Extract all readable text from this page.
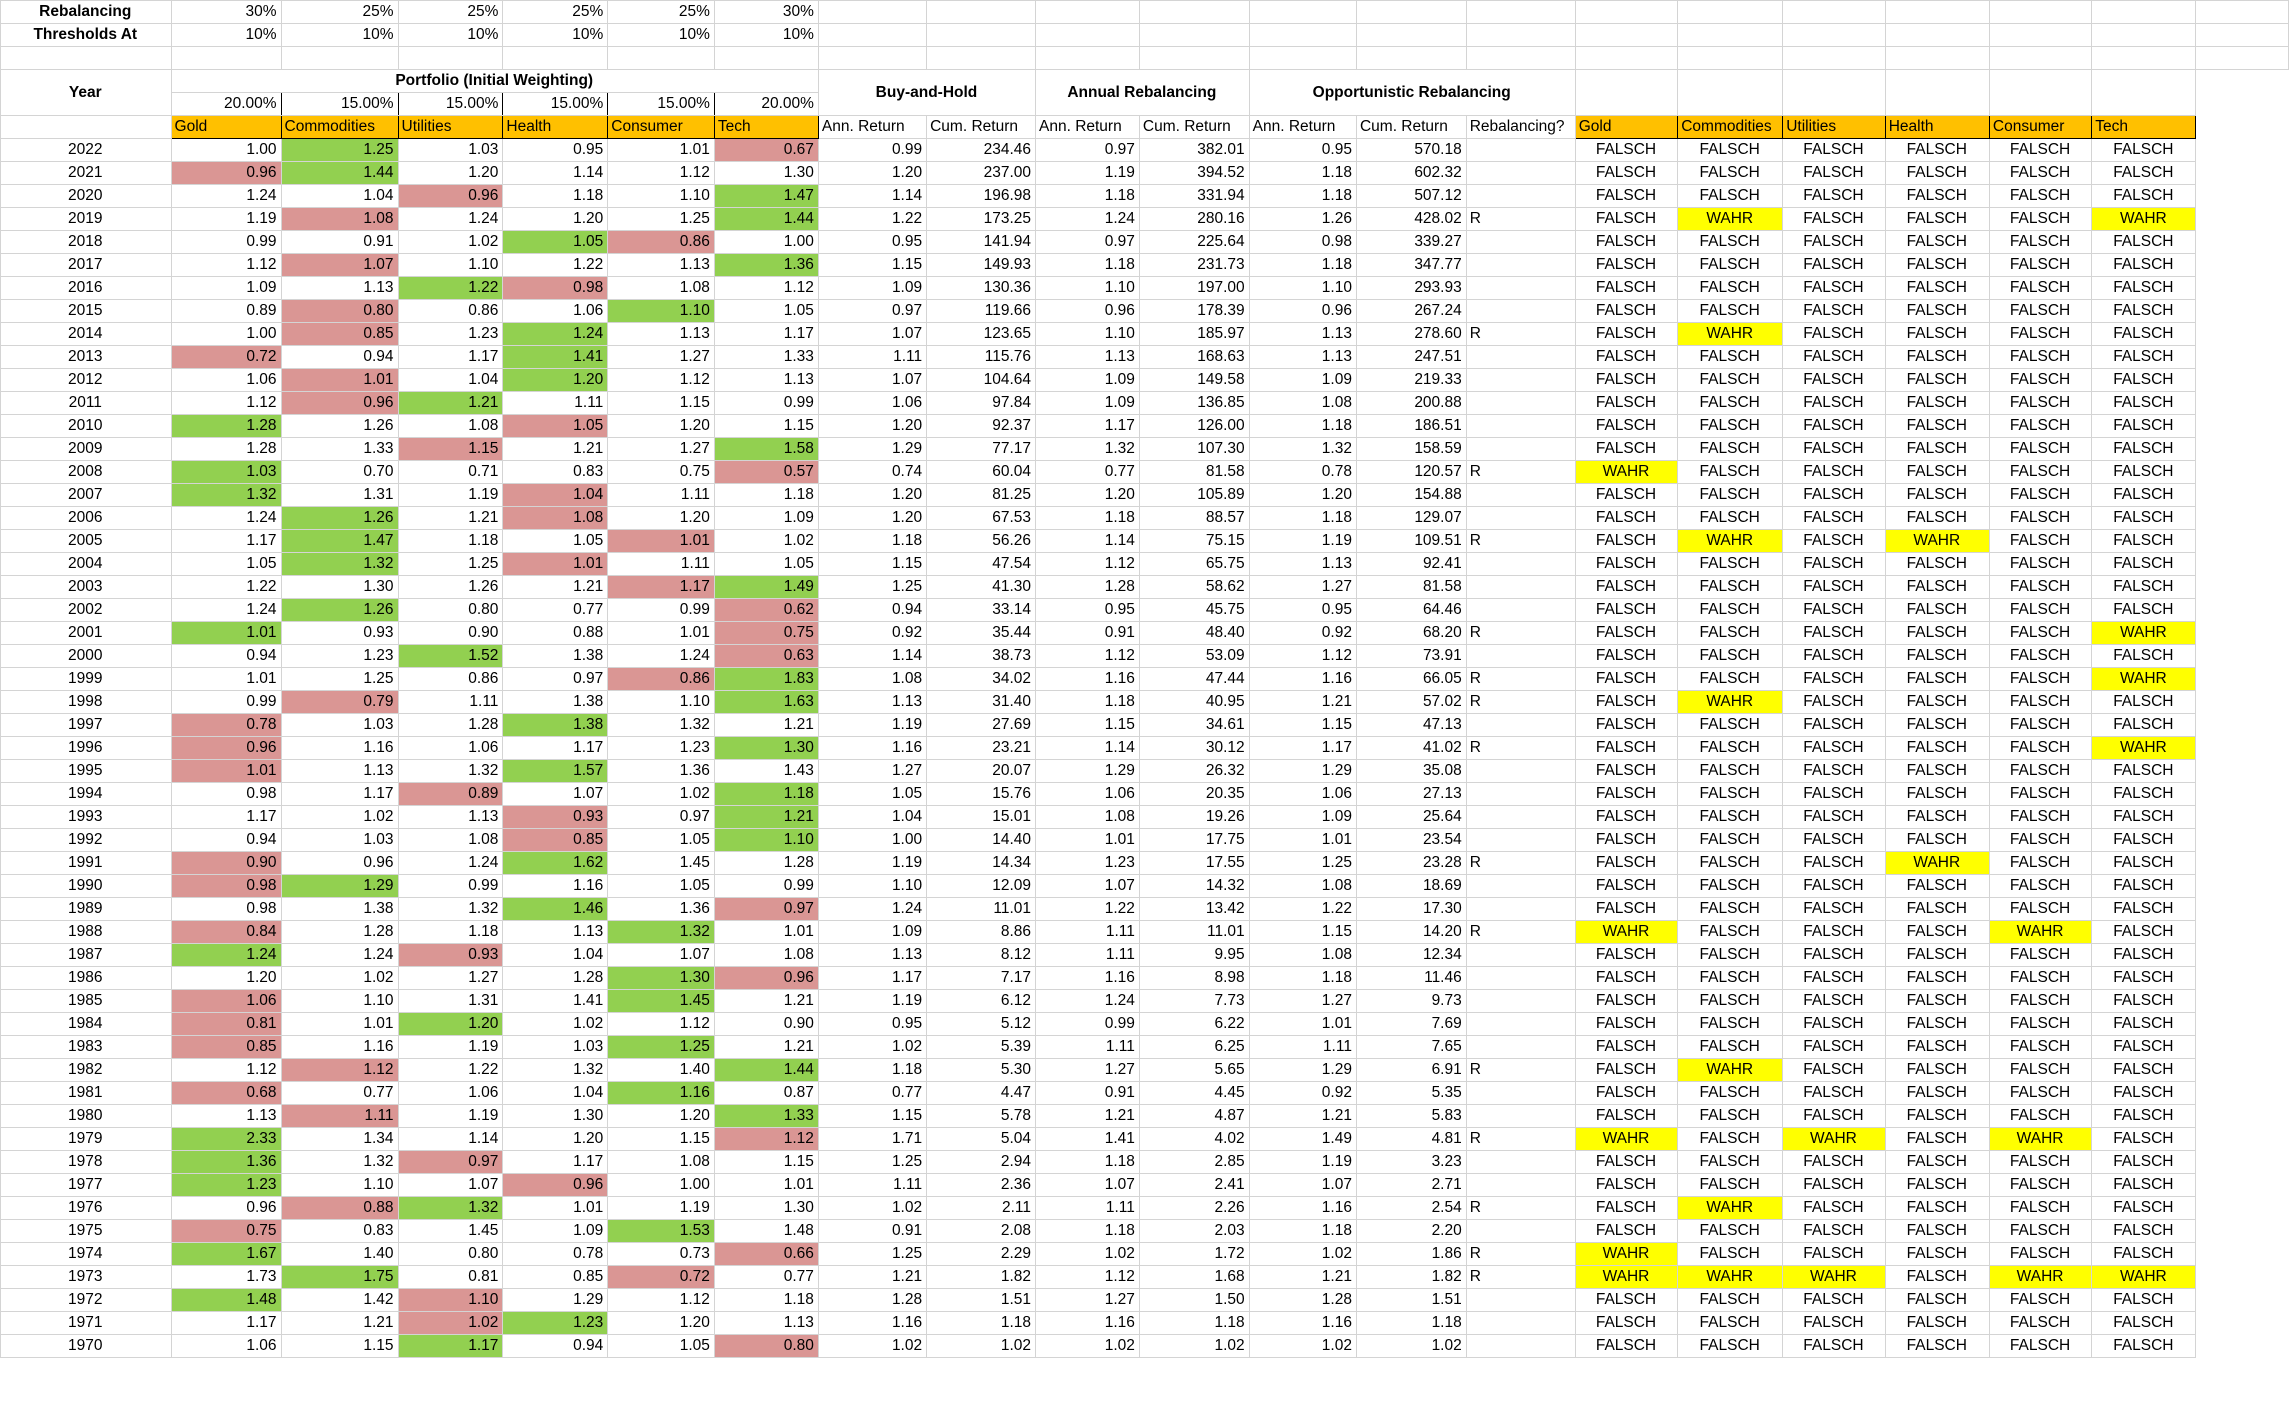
Rebalancing	30%	25%	25%	25%	25%	30%														
Thresholds At	10%	10%	10%	10%	10%	10%														

Year	Portfolio (Initial Weighting)						Buy-and-Hold		Annual Rebalancing		Opportunistic Rebalancing									
	20.00%	15.00%	15.00%	15.00%	15.00%	20.00%														
	Gold	Commodities	Utilities	Health	Consumer	Tech	Ann. Return	Cum. Return	Ann. Return	Cum. Return	Ann. Return	Cum. Return	Rebalancing?	Gold	Commodities	Utilities	Health	Consumer	Tech	
2022	1.00	1.25	1.03	0.95	1.01	0.67	0.99	234.46	0.97	382.01	0.95	570.18		FALSCH	FALSCH	FALSCH	FALSCH	FALSCH	FALSCH	
2021	0.96	1.44	1.20	1.14	1.12	1.30	1.20	237.00	1.19	394.52	1.18	602.32		FALSCH	FALSCH	FALSCH	FALSCH	FALSCH	FALSCH	
2020	1.24	1.04	0.96	1.18	1.10	1.47	1.14	196.98	1.18	331.94	1.18	507.12		FALSCH	FALSCH	FALSCH	FALSCH	FALSCH	FALSCH	
2019	1.19	1.08	1.24	1.20	1.25	1.44	1.22	173.25	1.24	280.16	1.26	428.02	R	FALSCH	WAHR	FALSCH	FALSCH	FALSCH	WAHR	
2018	0.99	0.91	1.02	1.05	0.86	1.00	0.95	141.94	0.97	225.64	0.98	339.27		FALSCH	FALSCH	FALSCH	FALSCH	FALSCH	FALSCH	
2017	1.12	1.07	1.10	1.22	1.13	1.36	1.15	149.93	1.18	231.73	1.18	347.77		FALSCH	FALSCH	FALSCH	FALSCH	FALSCH	FALSCH	
2016	1.09	1.13	1.22	0.98	1.08	1.12	1.09	130.36	1.10	197.00	1.10	293.93		FALSCH	FALSCH	FALSCH	FALSCH	FALSCH	FALSCH	
2015	0.89	0.80	0.86	1.06	1.10	1.05	0.97	119.66	0.96	178.39	0.96	267.24		FALSCH	FALSCH	FALSCH	FALSCH	FALSCH	FALSCH	
2014	1.00	0.85	1.23	1.24	1.13	1.17	1.07	123.65	1.10	185.97	1.13	278.60	R	FALSCH	WAHR	FALSCH	FALSCH	FALSCH	FALSCH	
2013	0.72	0.94	1.17	1.41	1.27	1.33	1.11	115.76	1.13	168.63	1.13	247.51		FALSCH	FALSCH	FALSCH	FALSCH	FALSCH	FALSCH	
2012	1.06	1.01	1.04	1.20	1.12	1.13	1.07	104.64	1.09	149.58	1.09	219.33		FALSCH	FALSCH	FALSCH	FALSCH	FALSCH	FALSCH	
2011	1.12	0.96	1.21	1.11	1.15	0.99	1.06	97.84	1.09	136.85	1.08	200.88		FALSCH	FALSCH	FALSCH	FALSCH	FALSCH	FALSCH	
2010	1.28	1.26	1.08	1.05	1.20	1.15	1.20	92.37	1.17	126.00	1.18	186.51		FALSCH	FALSCH	FALSCH	FALSCH	FALSCH	FALSCH	
2009	1.28	1.33	1.15	1.21	1.27	1.58	1.29	77.17	1.32	107.30	1.32	158.59		FALSCH	FALSCH	FALSCH	FALSCH	FALSCH	FALSCH	
2008	1.03	0.70	0.71	0.83	0.75	0.57	0.74	60.04	0.77	81.58	0.78	120.57	R	WAHR	FALSCH	FALSCH	FALSCH	FALSCH	FALSCH	
2007	1.32	1.31	1.19	1.04	1.11	1.18	1.20	81.25	1.20	105.89	1.20	154.88		FALSCH	FALSCH	FALSCH	FALSCH	FALSCH	FALSCH	
2006	1.24	1.26	1.21	1.08	1.20	1.09	1.20	67.53	1.18	88.57	1.18	129.07		FALSCH	FALSCH	FALSCH	FALSCH	FALSCH	FALSCH	
2005	1.17	1.47	1.18	1.05	1.01	1.02	1.18	56.26	1.14	75.15	1.19	109.51	R	FALSCH	WAHR	FALSCH	WAHR	FALSCH	FALSCH	
2004	1.05	1.32	1.25	1.01	1.11	1.05	1.15	47.54	1.12	65.75	1.13	92.41		FALSCH	FALSCH	FALSCH	FALSCH	FALSCH	FALSCH	
2003	1.22	1.30	1.26	1.21	1.17	1.49	1.25	41.30	1.28	58.62	1.27	81.58		FALSCH	FALSCH	FALSCH	FALSCH	FALSCH	FALSCH	
2002	1.24	1.26	0.80	0.77	0.99	0.62	0.94	33.14	0.95	45.75	0.95	64.46		FALSCH	FALSCH	FALSCH	FALSCH	FALSCH	FALSCH	
2001	1.01	0.93	0.90	0.88	1.01	0.75	0.92	35.44	0.91	48.40	0.92	68.20	R	FALSCH	FALSCH	FALSCH	FALSCH	FALSCH	WAHR	
2000	0.94	1.23	1.52	1.38	1.24	0.63	1.14	38.73	1.12	53.09	1.12	73.91		FALSCH	FALSCH	FALSCH	FALSCH	FALSCH	FALSCH	
1999	1.01	1.25	0.86	0.97	0.86	1.83	1.08	34.02	1.16	47.44	1.16	66.05	R	FALSCH	FALSCH	FALSCH	FALSCH	FALSCH	WAHR	
1998	0.99	0.79	1.11	1.38	1.10	1.63	1.13	31.40	1.18	40.95	1.21	57.02	R	FALSCH	WAHR	FALSCH	FALSCH	FALSCH	FALSCH	
1997	0.78	1.03	1.28	1.38	1.32	1.21	1.19	27.69	1.15	34.61	1.15	47.13		FALSCH	FALSCH	FALSCH	FALSCH	FALSCH	FALSCH	
1996	0.96	1.16	1.06	1.17	1.23	1.30	1.16	23.21	1.14	30.12	1.17	41.02	R	FALSCH	FALSCH	FALSCH	FALSCH	FALSCH	WAHR	
1995	1.01	1.13	1.32	1.57	1.36	1.43	1.27	20.07	1.29	26.32	1.29	35.08		FALSCH	FALSCH	FALSCH	FALSCH	FALSCH	FALSCH	
1994	0.98	1.17	0.89	1.07	1.02	1.18	1.05	15.76	1.06	20.35	1.06	27.13		FALSCH	FALSCH	FALSCH	FALSCH	FALSCH	FALSCH	
1993	1.17	1.02	1.13	0.93	0.97	1.21	1.04	15.01	1.08	19.26	1.09	25.64		FALSCH	FALSCH	FALSCH	FALSCH	FALSCH	FALSCH	
1992	0.94	1.03	1.08	0.85	1.05	1.10	1.00	14.40	1.01	17.75	1.01	23.54		FALSCH	FALSCH	FALSCH	FALSCH	FALSCH	FALSCH	
1991	0.90	0.96	1.24	1.62	1.45	1.28	1.19	14.34	1.23	17.55	1.25	23.28	R	FALSCH	FALSCH	FALSCH	WAHR	FALSCH	FALSCH	
1990	0.98	1.29	0.99	1.16	1.05	0.99	1.10	12.09	1.07	14.32	1.08	18.69		FALSCH	FALSCH	FALSCH	FALSCH	FALSCH	FALSCH	
1989	0.98	1.38	1.32	1.46	1.36	0.97	1.24	11.01	1.22	13.42	1.22	17.30		FALSCH	FALSCH	FALSCH	FALSCH	FALSCH	FALSCH	
1988	0.84	1.28	1.18	1.13	1.32	1.01	1.09	8.86	1.11	11.01	1.15	14.20	R	WAHR	FALSCH	FALSCH	FALSCH	WAHR	FALSCH	
1987	1.24	1.24	0.93	1.04	1.07	1.08	1.13	8.12	1.11	9.95	1.08	12.34		FALSCH	FALSCH	FALSCH	FALSCH	FALSCH	FALSCH	
1986	1.20	1.02	1.27	1.28	1.30	0.96	1.17	7.17	1.16	8.98	1.18	11.46		FALSCH	FALSCH	FALSCH	FALSCH	FALSCH	FALSCH	
1985	1.06	1.10	1.31	1.41	1.45	1.21	1.19	6.12	1.24	7.73	1.27	9.73		FALSCH	FALSCH	FALSCH	FALSCH	FALSCH	FALSCH	
1984	0.81	1.01	1.20	1.02	1.12	0.90	0.95	5.12	0.99	6.22	1.01	7.69		FALSCH	FALSCH	FALSCH	FALSCH	FALSCH	FALSCH	
1983	0.85	1.16	1.19	1.03	1.25	1.21	1.02	5.39	1.11	6.25	1.11	7.65		FALSCH	FALSCH	FALSCH	FALSCH	FALSCH	FALSCH	
1982	1.12	1.12	1.22	1.32	1.40	1.44	1.18	5.30	1.27	5.65	1.29	6.91	R	FALSCH	WAHR	FALSCH	FALSCH	FALSCH	FALSCH	
1981	0.68	0.77	1.06	1.04	1.16	0.87	0.77	4.47	0.91	4.45	0.92	5.35		FALSCH	FALSCH	FALSCH	FALSCH	FALSCH	FALSCH	
1980	1.13	1.11	1.19	1.30	1.20	1.33	1.15	5.78	1.21	4.87	1.21	5.83		FALSCH	FALSCH	FALSCH	FALSCH	FALSCH	FALSCH	
1979	2.33	1.34	1.14	1.20	1.15	1.12	1.71	5.04	1.41	4.02	1.49	4.81	R	WAHR	FALSCH	WAHR	FALSCH	WAHR	FALSCH	
1978	1.36	1.32	0.97	1.17	1.08	1.15	1.25	2.94	1.18	2.85	1.19	3.23		FALSCH	FALSCH	FALSCH	FALSCH	FALSCH	FALSCH	
1977	1.23	1.10	1.07	0.96	1.00	1.01	1.11	2.36	1.07	2.41	1.07	2.71		FALSCH	FALSCH	FALSCH	FALSCH	FALSCH	FALSCH	
1976	0.96	0.88	1.32	1.01	1.19	1.30	1.02	2.11	1.11	2.26	1.16	2.54	R	FALSCH	WAHR	FALSCH	FALSCH	FALSCH	FALSCH	
1975	0.75	0.83	1.45	1.09	1.53	1.48	0.91	2.08	1.18	2.03	1.18	2.20		FALSCH	FALSCH	FALSCH	FALSCH	FALSCH	FALSCH	
1974	1.67	1.40	0.80	0.78	0.73	0.66	1.25	2.29	1.02	1.72	1.02	1.86	R	WAHR	FALSCH	FALSCH	FALSCH	FALSCH	FALSCH	
1973	1.73	1.75	0.81	0.85	0.72	0.77	1.21	1.82	1.12	1.68	1.21	1.82	R	WAHR	WAHR	WAHR	FALSCH	WAHR	WAHR	
1972	1.48	1.42	1.10	1.29	1.12	1.18	1.28	1.51	1.27	1.50	1.28	1.51		FALSCH	FALSCH	FALSCH	FALSCH	FALSCH	FALSCH	
1971	1.17	1.21	1.02	1.23	1.20	1.13	1.16	1.18	1.16	1.18	1.16	1.18		FALSCH	FALSCH	FALSCH	FALSCH	FALSCH	FALSCH	
1970	1.06	1.15	1.17	0.94	1.05	0.80	1.02	1.02	1.02	1.02	1.02	1.02		FALSCH	FALSCH	FALSCH	FALSCH	FALSCH	FALSCH	
